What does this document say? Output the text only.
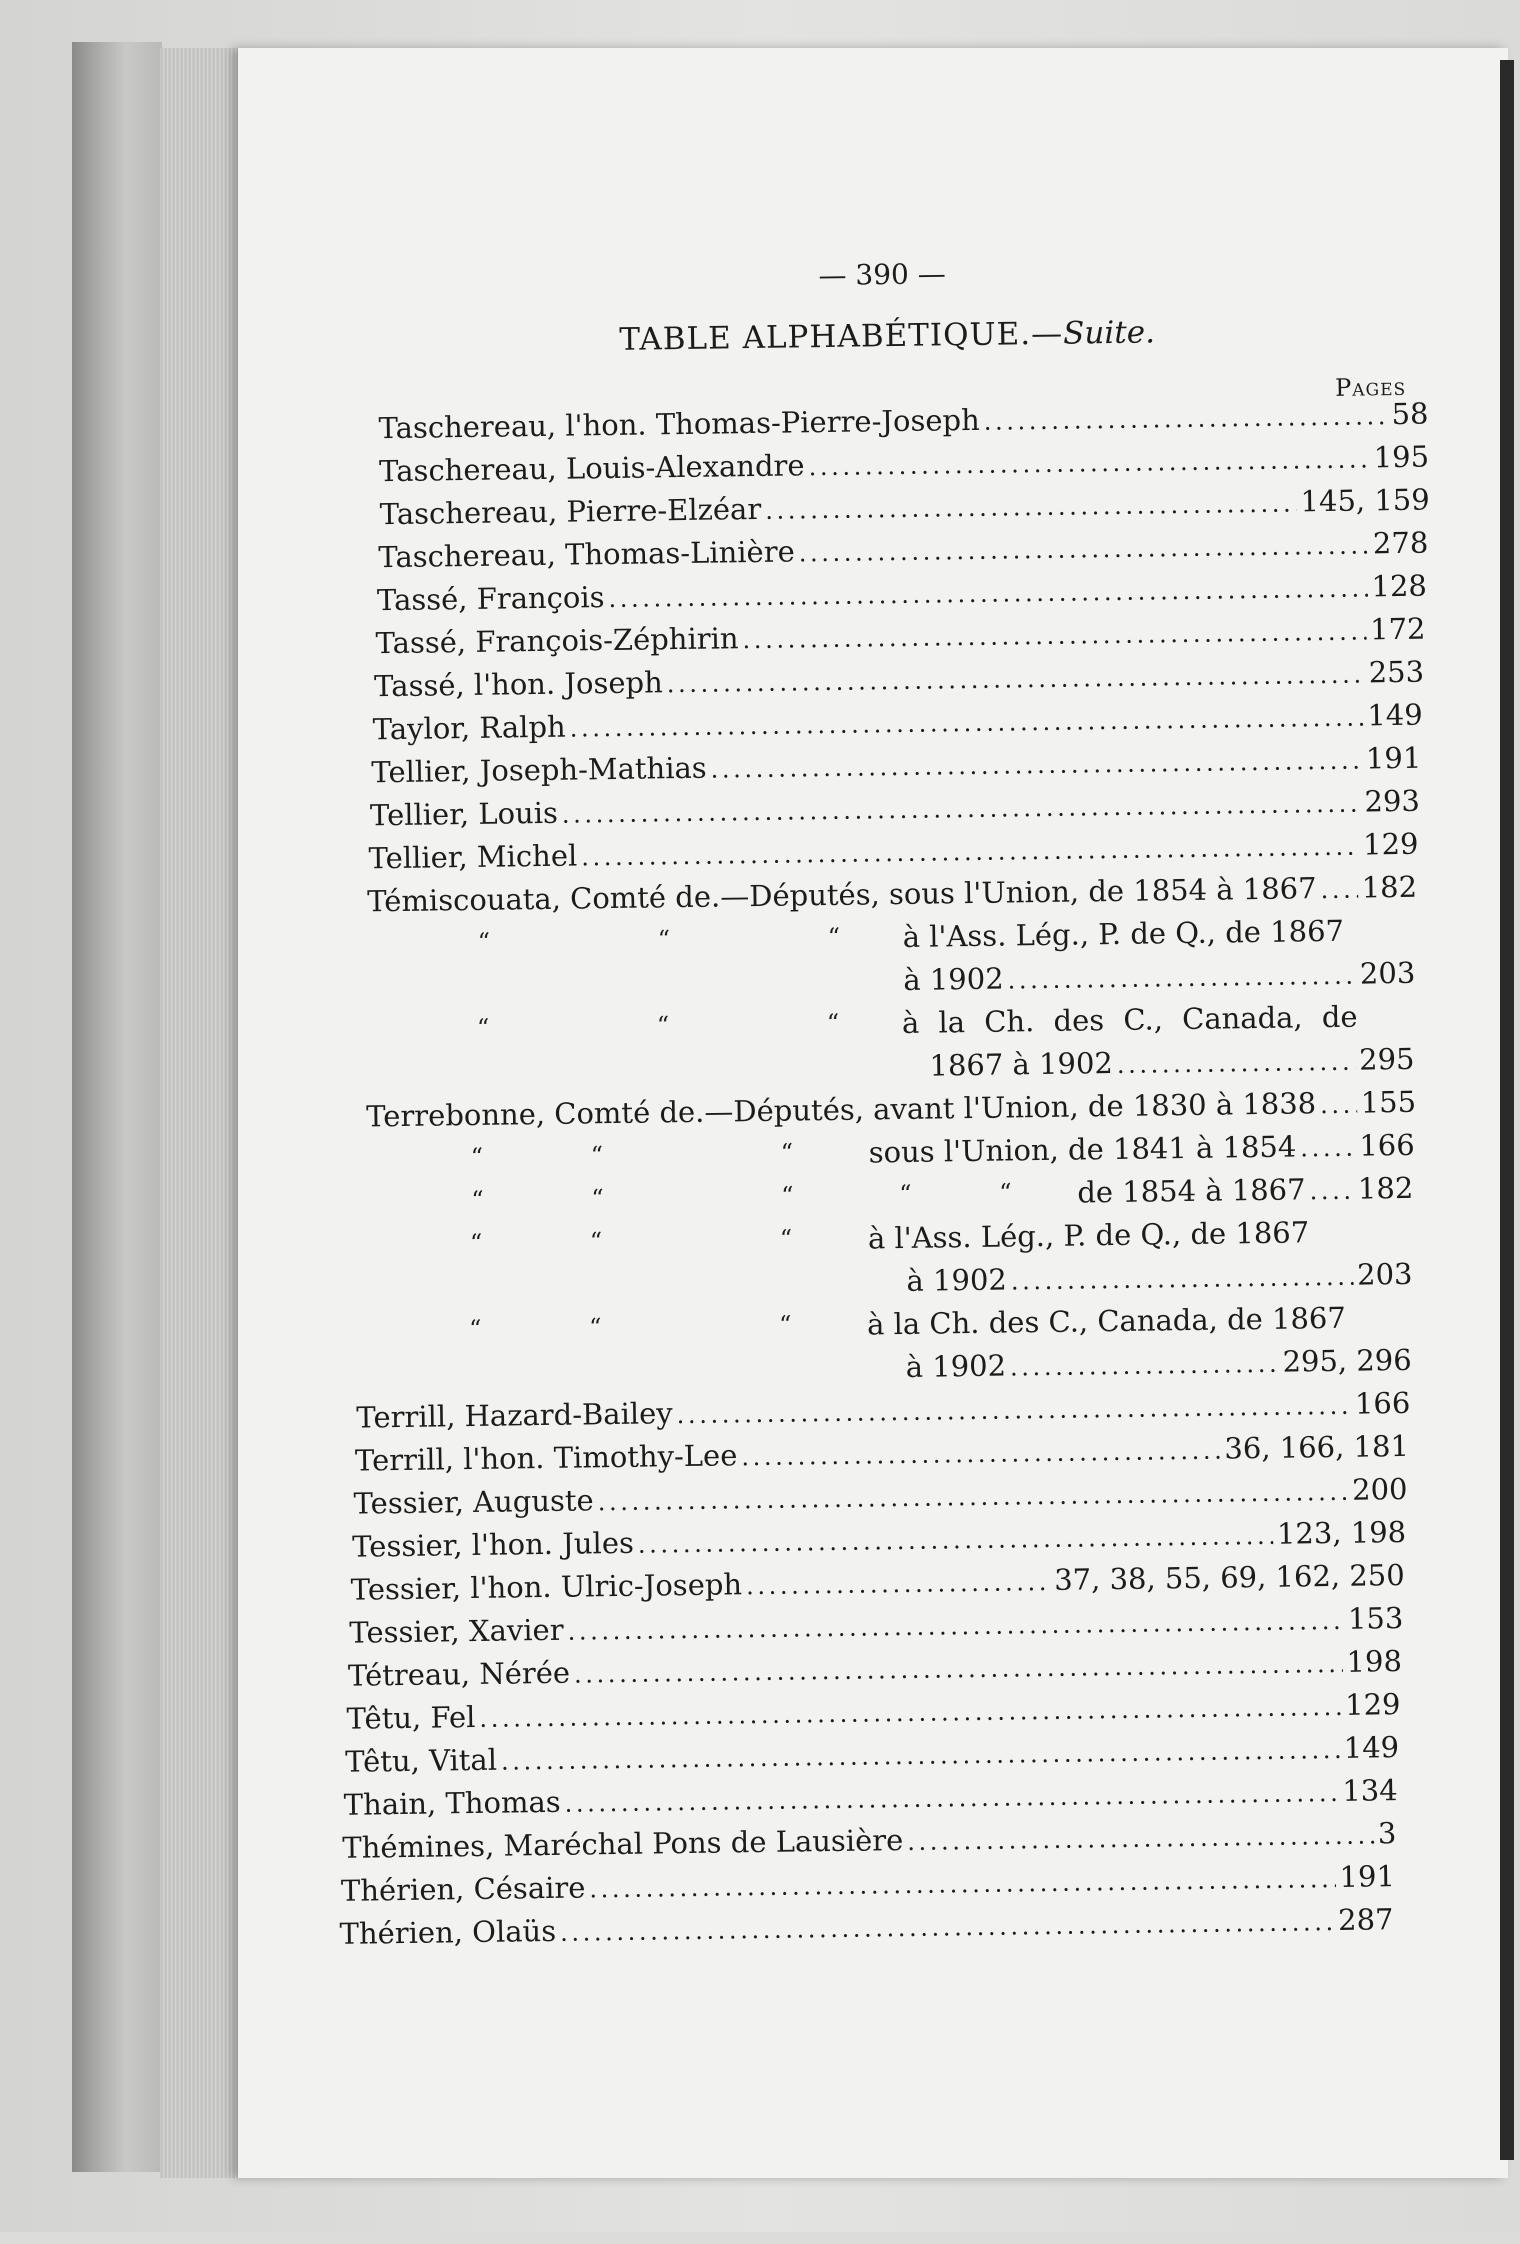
— 390 —
TABLE ALPHABÉTIQUE.—Suite.
Pages
Taschereau, l'hon. Thomas-Pierre-Joseph . . .	58
Taschereau, Louis-Alexandre . . .	195
Taschereau, Pierre-Elzéar . . .	145, 159
Taschereau, Thomas-Linière . . .	278
Tassé, François . . .	128
Tassé, François-Zéphirin . . .	172
Tassé, l'hon. Joseph . . .	253
Taylor, Ralph . . .	149
Tellier, Joseph-Mathias . . .	191
Tellier, Louis . . .	293
Tellier, Michel . . .	129
Témiscouata, Comté de.—Députés, sous l'Union, de 1854 à 1867 . . . 182
“	“	“ à l'Ass. Lég., P. de Q., de 1867
à 1902 . . .	203
“	“	“ à la Ch. des C., Canada, de
1867 à 1902 . . .	295
Terrebonne, Comté de.—Députés, avant l'Union, de 1830 à 1838 . . . 155
“	“	“	sous l'Union, de 1841 à 1854 . . . 166
“	“	“	“	“ de 1854 à 1867 . . . 182
“	“	“	à l'Ass. Lég., P. de Q., de 1867
à 1902 . . .	203
“	“	“	à la Ch. des C., Canada, de 1867
à 1902 . . .	295, 296
Terrill, Hazard-Bailey . . .	166
Terrill, l'hon. Timothy-Lee . . .	36, 166, 181
Tessier, Auguste . . .	200
Tessier, l'hon. Jules . . .	123, 198
Tessier, l'hon. Ulric-Joseph . . .	37, 38, 55, 69, 162, 250
Tessier, Xavier . . .	153
Tétreau, Nérée . . .	198
Têtu, Fel . . .	129
Têtu, Vital . . .	149
Thain, Thomas . . .	134
Thémines, Maréchal Pons de Lausière . . .	3
Thérien, Césaire . . .	191
Thérien, Olaüs . . .	287
